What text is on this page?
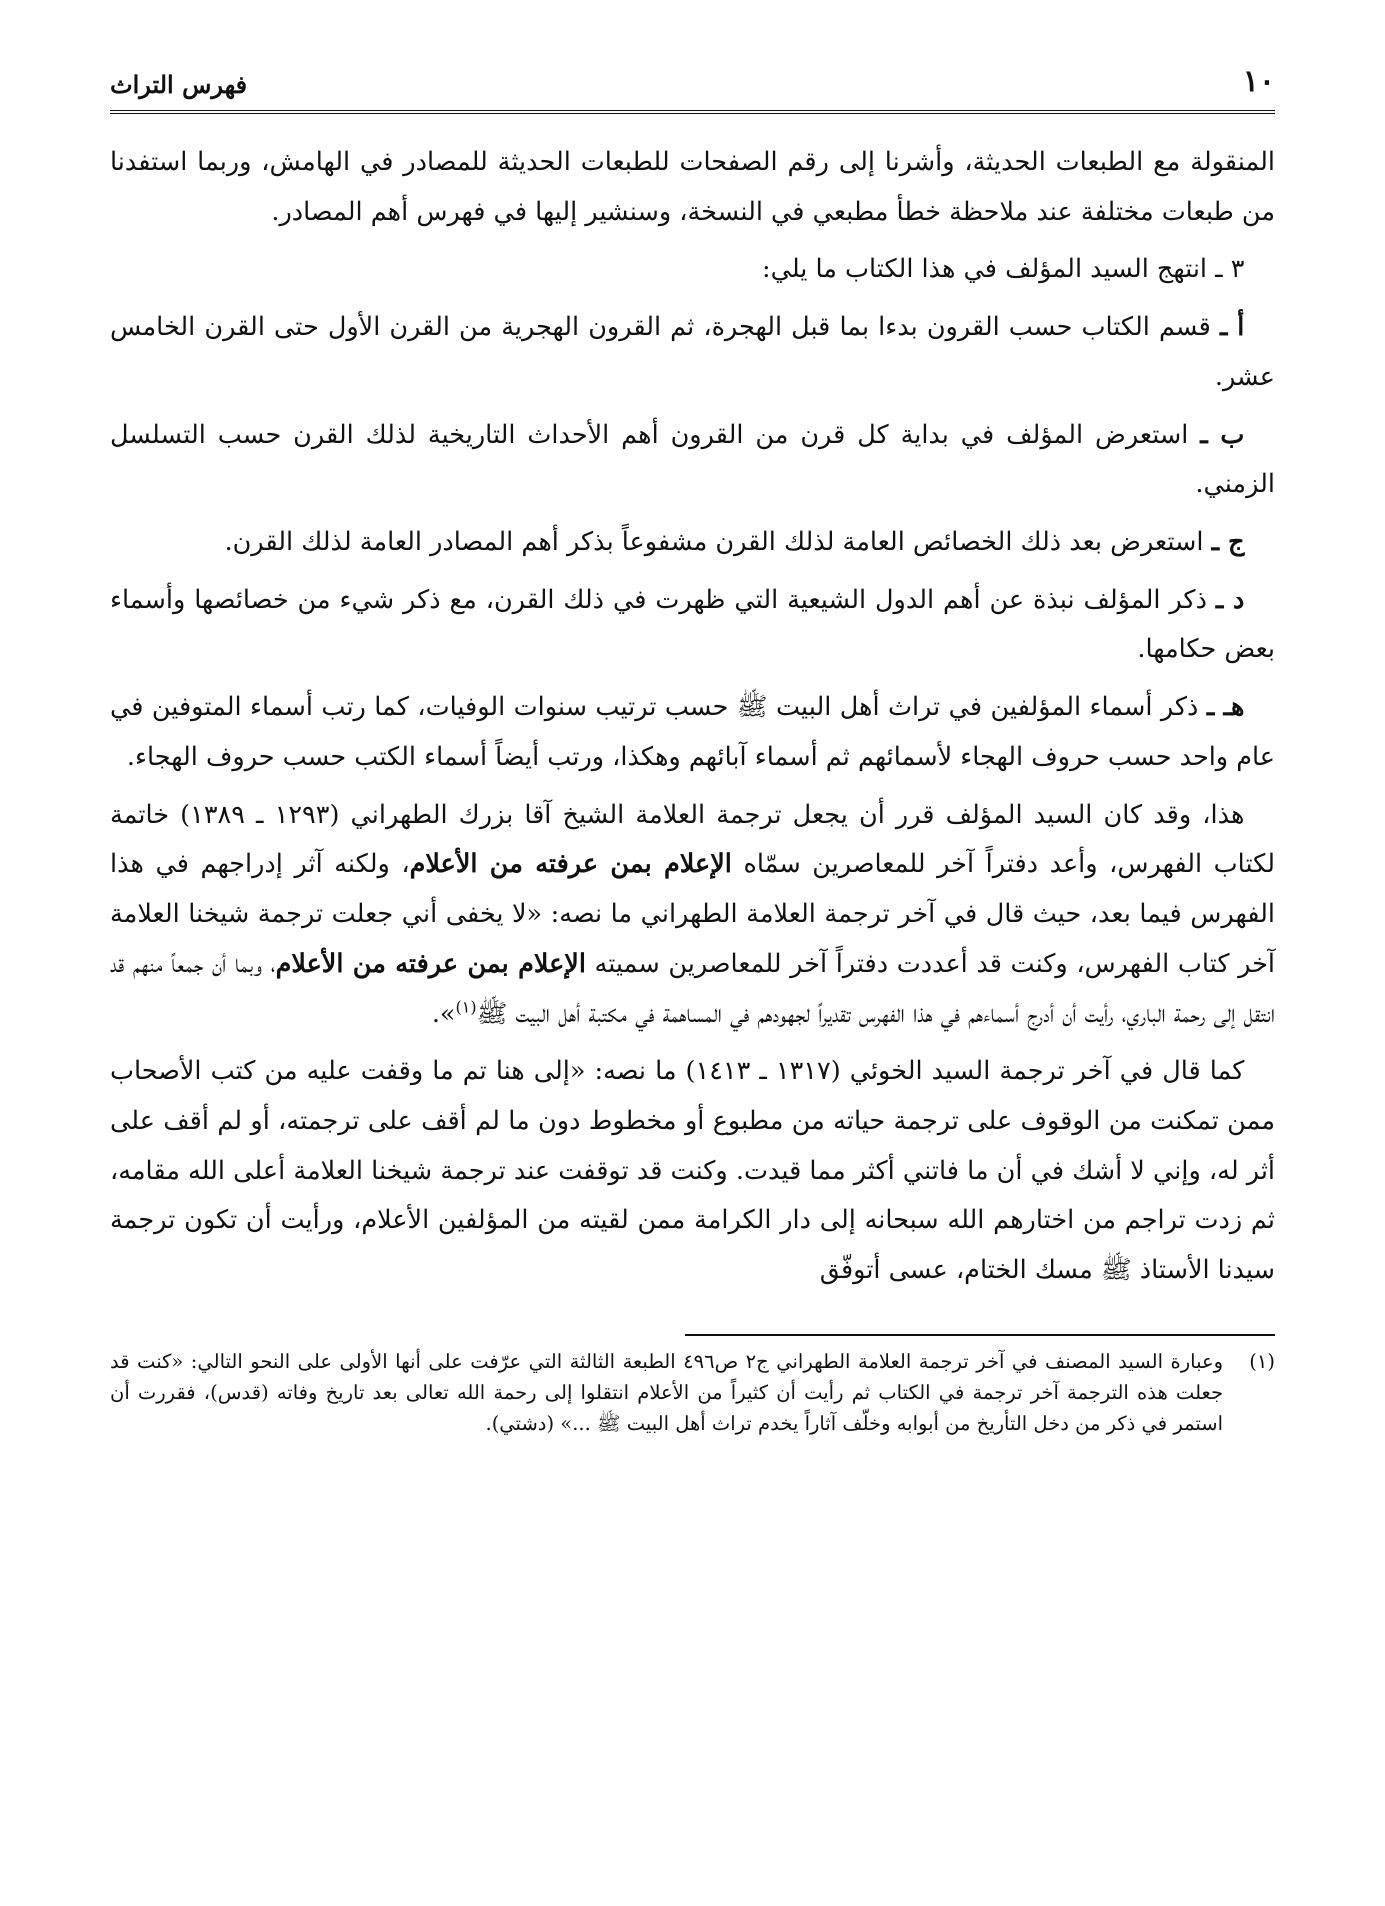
١٠
فهرس التراث

المنقولة مع الطبعات الحديثة، وأشرنا إلى رقم الصفحات للطبعات الحديثة للمصادر في الهامش، وربما استفدنا من طبعات مختلفة عند ملاحظة خطأ مطبعي في النسخة، وسنشير إليها في فهرس أهم المصادر.

٣ ـ انتهج السيد المؤلف في هذا الكتاب ما يلي:

أ ـ قسم الكتاب حسب القرون بدءا بما قبل الهجرة، ثم القرون الهجرية من القرن الأول حتى القرن الخامس عشر.

ب ـ استعرض المؤلف في بداية كل قرن من القرون أهم الأحداث التاريخية لذلك القرن حسب التسلسل الزمني.

ج ـ استعرض بعد ذلك الخصائص العامة لذلك القرن مشفوعاً بذكر أهم المصادر العامة لذلك القرن.

د ـ ذكر المؤلف نبذة عن أهم الدول الشيعية التي ظهرت في ذلك القرن، مع ذكر شيء من خصائصها وأسماء بعض حكامها.

هـ ـ ذكر أسماء المؤلفين في تراث أهل البيت ﷺ حسب ترتيب سنوات الوفيات، كما رتب أسماء المتوفين في عام واحد حسب حروف الهجاء لأسمائهم ثم أسماء آبائهم وهكذا، ورتب أيضاً أسماء الكتب حسب حروف الهجاء.

هذا، وقد كان السيد المؤلف قرر أن يجعل ترجمة العلامة الشيخ آقا بزرك الطهراني (١٢٩٣ ـ ١٣٨٩) خاتمة لكتاب الفهرس، وأعد دفتراً آخر للمعاصرين سمّاه الإعلام بمن عرفته من الأعلام، ولكنه آثر إدراجهم في هذا الفهرس فيما بعد، حيث قال في آخر ترجمة العلامة الطهراني ما نصه: «لا يخفى أني جعلت ترجمة شيخنا العلامة آخر كتاب الفهرس، وكنت قد أعددت دفتراً آخر للمعاصرين سميته الإعلام بمن عرفته من الأعلام، وبما أن جمعاً منهم قد انتقل إلى رحمة الباري، رأيت أن أدرج أسماءهم في هذا الفهرس تقديراً لجهودهم في المساهمة في مكتبة أهل البيت ﷺ$^{(١)}$».

كما قال في آخر ترجمة السيد الخوئي (١٣١٧ ـ ١٤١٣) ما نصه: «إلى هنا تم ما وقفت عليه من كتب الأصحاب ممن تمكنت من الوقوف على ترجمة حياته من مطبوع أو مخطوط دون ما لم أقف على ترجمته، أو لم أقف على أثر له، وإني لا أشك في أن ما فاتني أكثر مما قيدت. وكنت قد توقفت عند ترجمة شيخنا العلامة أعلى الله مقامه، ثم زدت تراجم من اختارهم الله سبحانه إلى دار الكرامة ممن لقيته من المؤلفين الأعلام، ورأيت أن تكون ترجمة سيدنا الأستاذ ﷺ مسك الختام، عسى أتوفّق

(١)
وعبارة السيد المصنف في آخر ترجمة العلامة الطهراني ج٢ ص٤٩٦ الطبعة الثالثة التي عرّفت على أنها الأولى على النحو التالي: «كنت قد جعلت هذه الترجمة آخر ترجمة في الكتاب ثم رأيت أن كثيراً من الأعلام انتقلوا إلى رحمة الله تعالى بعد تاريخ وفاته (قدس)، فقررت أن استمر في ذكر من دخل التأريخ من أبوابه وخلّف آثاراً يخدم تراث أهل البيت ﷺ ...» (دشتي).
